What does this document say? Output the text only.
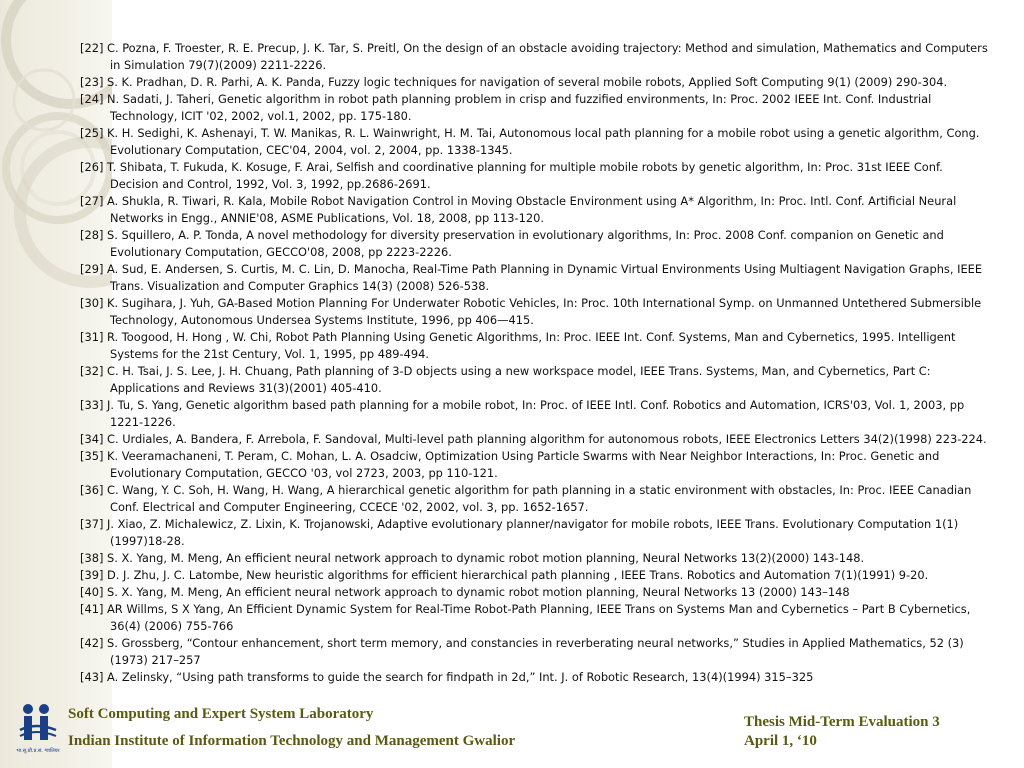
[22] C. Pozna, F. Troester, R. E. Precup, J. K. Tar, S. Preitl, On the design of an obstacle avoiding trajectory: Method and simulation, Mathematics and Computers in Simulation 79(7)(2009) 2211-2226.
[23] S. K. Pradhan, D. R. Parhi, A. K. Panda, Fuzzy logic techniques for navigation of several mobile robots, Applied Soft Computing 9(1) (2009) 290-304.
[24] N. Sadati, J. Taheri, Genetic algorithm in robot path planning problem in crisp and fuzzified environments, In: Proc. 2002 IEEE Int. Conf. Industrial Technology, ICIT '02, 2002, vol.1, 2002, pp. 175-180.
[25] K. H. Sedighi, K. Ashenayi, T. W. Manikas, R. L. Wainwright, H. M. Tai, Autonomous local path planning for a mobile robot using a genetic algorithm, Cong. Evolutionary Computation, CEC'04, 2004, vol. 2, 2004, pp. 1338-1345.
[26] T. Shibata, T. Fukuda, K. Kosuge, F. Arai, Selfish and coordinative planning for multiple mobile robots by genetic algorithm, In: Proc. 31st IEEE Conf. Decision and Control, 1992, Vol. 3, 1992, pp.2686-2691.
[27] A. Shukla, R. Tiwari, R. Kala, Mobile Robot Navigation Control in Moving Obstacle Environment using A* Algorithm, In: Proc. Intl. Conf. Artificial Neural Networks in Engg., ANNIE'08, ASME Publications, Vol. 18, 2008, pp 113-120.
[28] S. Squillero, A. P. Tonda, A novel methodology for diversity preservation in evolutionary algorithms, In: Proc. 2008 Conf. companion on Genetic and Evolutionary Computation, GECCO'08, 2008, pp 2223-2226.
[29] A. Sud, E. Andersen, S. Curtis, M. C. Lin, D. Manocha, Real-Time Path Planning in Dynamic Virtual Environments Using Multiagent Navigation Graphs, IEEE Trans. Visualization and Computer Graphics 14(3) (2008) 526-538.
[30] K. Sugihara, J. Yuh, GA-Based Motion Planning For Underwater Robotic Vehicles, In: Proc. 10th International Symp. on Unmanned Untethered Submersible Technology, Autonomous Undersea Systems Institute, 1996, pp 406—415.
[31] R. Toogood, H. Hong , W. Chi, Robot Path Planning Using Genetic Algorithms, In: Proc. IEEE Int. Conf. Systems, Man and Cybernetics, 1995. Intelligent Systems for the 21st Century, Vol. 1, 1995, pp 489-494.
[32] C. H. Tsai, J. S. Lee, J. H. Chuang, Path planning of 3-D objects using a new workspace model, IEEE Trans. Systems, Man, and Cybernetics, Part C: Applications and Reviews 31(3)(2001) 405-410.
[33] J. Tu, S. Yang, Genetic algorithm based path planning for a mobile robot, In: Proc. of IEEE Intl. Conf. Robotics and Automation, ICRS'03, Vol. 1, 2003, pp 1221-1226.
[34] C. Urdiales, A. Bandera, F. Arrebola, F. Sandoval, Multi-level path planning algorithm for autonomous robots, IEEE Electronics Letters 34(2)(1998) 223-224.
[35] K. Veeramachaneni, T. Peram, C. Mohan, L. A. Osadciw, Optimization Using Particle Swarms with Near Neighbor Interactions, In: Proc. Genetic and Evolutionary Computation, GECCO '03, vol 2723, 2003, pp 110-121.
[36] C. Wang, Y. C. Soh, H. Wang, H. Wang, A hierarchical genetic algorithm for path planning in a static environment with obstacles, In: Proc. IEEE Canadian Conf. Electrical and Computer Engineering, CCECE '02, 2002, vol. 3, pp. 1652-1657.
[37] J. Xiao, Z. Michalewicz, Z. Lixin, K. Trojanowski, Adaptive evolutionary planner/navigator for mobile robots, IEEE Trans. Evolutionary Computation 1(1)(1997)18-28.
[38] S. X. Yang, M. Meng, An efficient neural network approach to dynamic robot motion planning, Neural Networks 13(2)(2000) 143-148.
[39] D. J. Zhu, J. C. Latombe, New heuristic algorithms for efficient hierarchical path planning , IEEE Trans. Robotics and Automation 7(1)(1991) 9-20.
[40] S. X. Yang, M. Meng, An efficient neural network approach to dynamic robot motion planning, Neural Networks 13 (2000) 143–148
[41] AR Willms, S X Yang, An Efficient Dynamic System for Real-Time Robot-Path Planning, IEEE Trans on Systems Man and Cybernetics – Part B Cybernetics, 36(4) (2006) 755-766
[42] S. Grossberg, “Contour enhancement, short term memory, and constancies in reverberating neural networks,” Studies in Applied Mathematics, 52 (3)(1973) 217–257
[43] A. Zelinsky, “Using path transforms to guide the search for findpath in 2d,” Int. J. of Robotic Research, 13(4)(1994) 315–325
भा.सू.प्रौ.प्र.सं. ग्वालियर
Soft Computing and Expert System Laboratory
Indian Institute of Information Technology and Management Gwalior
Thesis Mid-Term Evaluation 3
April 1, ‘10
